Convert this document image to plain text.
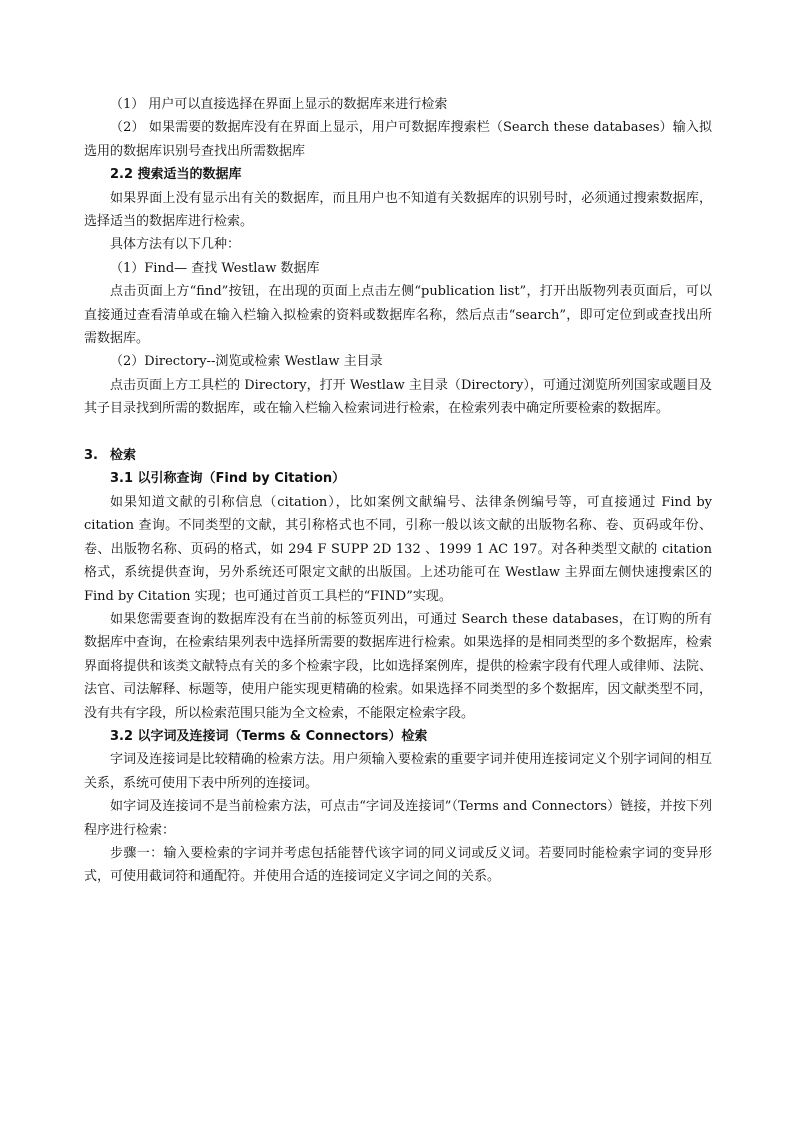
（1） 用户可以直接选择在界面上显示的数据库来进行检索

（2） 如果需要的数据库没有在界面上显示，用户可数据库搜索栏（Search these databases）输入拟选用的数据库识别号查找出所需数据库

2.2 搜索适当的数据库

如果界面上没有显示出有关的数据库，而且用户也不知道有关数据库的识别号时，必须通过搜索数据库，选择适当的数据库进行检索。

具体方法有以下几种：

（1）Find— 查找 Westlaw 数据库

点击页面上方“find”按钮，在出现的页面上点击左侧“publication list”，打开出版物列表页面后，可以直接通过查看清单或在输入栏输入拟检索的资料或数据库名称，然后点击“search”，即可定位到或查找出所需数据库。

（2）Directory--浏览或检索 Westlaw 主目录

点击页面上方工具栏的 Directory，打开 Westlaw 主目录（Directory），可通过浏览所列国家或题目及其子目录找到所需的数据库，或在输入栏输入检索词进行检索，在检索列表中确定所要检索的数据库。

3. 检索

3.1 以引称查询（Find by Citation）

如果知道文献的引称信息（citation），比如案例文献编号、法律条例编号等，可直接通过 Find by citation 查询。不同类型的文献，其引称格式也不同，引称一般以该文献的出版物名称、卷、页码或年份、卷、出版物名称、页码的格式，如 294 F SUPP 2D 132 、1999 1 AC 197。对各种类型文献的 citation 格式，系统提供查询，另外系统还可限定文献的出版国。上述功能可在 Westlaw 主界面左侧快速搜索区的 Find by Citation 实现；也可通过首页工具栏的“FIND”实现。

如果您需要查询的数据库没有在当前的标签页列出，可通过 Search these databases，在订购的所有数据库中查询，在检索结果列表中选择所需要的数据库进行检索。如果选择的是相同类型的多个数据库，检索界面将提供和该类文献特点有关的多个检索字段，比如选择案例库，提供的检索字段有代理人或律师、法院、法官、司法解释、标题等，使用户能实现更精确的检索。如果选择不同类型的多个数据库，因文献类型不同，没有共有字段，所以检索范围只能为全文检索，不能限定检索字段。

3.2 以字词及连接词（Terms & Connectors）检索

字词及连接词是比较精确的检索方法。用户须输入要检索的重要字词并使用连接词定义个别字词间的相互关系，系统可使用下表中所列的连接词。

如字词及连接词不是当前检索方法，可点击“字词及连接词”（Terms and Connectors）链接，并按下列程序进行检索：

步骤一：输入要检索的字词并考虑包括能替代该字词的同义词或反义词。若要同时能检索字词的变异形式，可使用截词符和通配符。并使用合适的连接词定义字词之间的关系。
